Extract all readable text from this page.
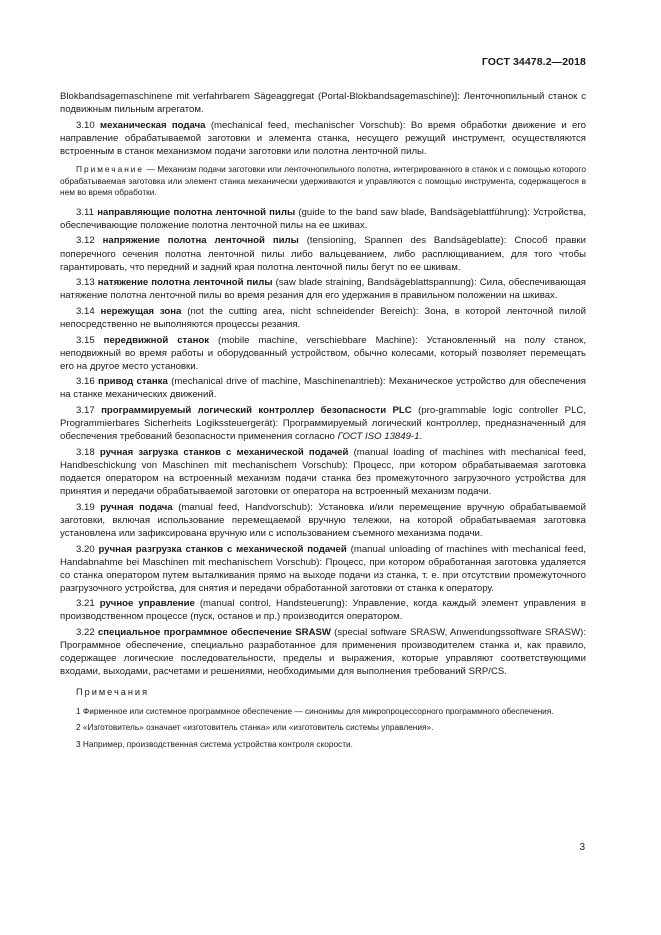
ГОСТ 34478.2—2018

Blokbandsagemaschinene mit verfahrbarem Sägeaggregat (Portal-Blokbandsagemaschine)]: Ленточнопильный станок с подвижным пильным агрегатом.

3.10 механическая подача (mechanical feed, mechanischer Vorschub): Во время обработки движение и его направление обрабатываемой заготовки и элемента станка, несущего режущий инструмент, осуществляются встроенным в станок механизмом подачи заготовки или полотна ленточной пилы.

Примечание — Механизм подачи заготовки или ленточнопильного полотна, интегрированного в станок и с помощью которого обрабатываемая заготовка или элемент станка механически удерживаются и управляются с помощью инструмента, содержащегося в нем во время обработки.

3.11 направляющие полотна ленточной пилы (guide to the band saw blade, Bandsägeblattführung): Устройства, обеспечивающие положение полотна ленточной пилы на ее шкивах.

3.12 напряжение полотна ленточной пилы (tensioning, Spannen des Bandsägeblatte): Способ правки поперечного сечения полотна ленточной пилы либо вальцеванием, либо расплющиванием, для того чтобы гарантировать, что передний и задний края полотна ленточной пилы бегут по ее шкивам.

3.13 натяжение полотна ленточной пилы (saw blade straining, Bandsägeblattspannung): Сила, обеспечивающая натяжение полотна ленточной пилы во время резания для его удержания в правильном положении на шкивах.

3.14 нережущая зона (not the cutting area, nicht schneidender Bereich): Зона, в которой ленточной пилой непосредственно не выполняются процессы резания.

3.15 передвижной станок (mobile machine, verschiebbare Machine): Установленный на полу станок, неподвижный во время работы и оборудованный устройством, обычно колесами, который позволяет перемещать его на другое место установки.

3.16 привод станка (mechanical drive of machine, Maschinenantrieb): Механическое устройство для обеспечения на станке механических движений.

3.17 программируемый логический контроллер безопасности PLC (pro-grammable logic controller PLC, Programmierbares Sicherheits Logikssteuergerät): Программируемый логический контроллер, предназначенный для обеспечения требований безопасности применения согласно ГОСТ ISO 13849-1.

3.18 ручная загрузка станков с механической подачей (manual loading of machines with mechanical feed, Handbeschickung von Maschinen mit mechanischem Vorschub): Процесс, при котором обрабатываемая заготовка подается оператором на встроенный механизм подачи станка без промежуточного загрузочного устройства для принятия и передачи обрабатываемой заготовки от оператора на встроенный механизм подачи.

3.19 ручная подача (manual feed, Handvorschub): Установка и/или перемещение вручную обрабатываемой заготовки, включая использование перемещаемой вручную тележки, на которой обрабатываемая заготовка установлена или зафиксирована вручную или с использованием съемного механизма подачи.

3.20 ручная разгрузка станков с механической подачей (manual unloading of machines with mechanical feed, Handabnahme bei Maschinen mit mechanischem Vorschub): Процесс, при котором обработанная заготовка удаляется со станка оператором путем выталкивания прямо на выходе подачи из станка, т. е. при отсутствии промежуточного разгрузочного устройства, для снятия и передачи обработанной заготовки от станка к оператору.

3.21 ручное управление (manual control, Handsteuerung): Управление, когда каждый элемент управления в производственном процессе (пуск, останов и пр.) производится оператором.

3.22 специальное программное обеспечение SRASW (special software SRASW, Anwendungssoftware SRASW): Программное обеспечение, специально разработанное для применения производителем станка и, как правило, содержащее логические последовательности, пределы и выражения, которые управляют соответствующими входами, выходами, расчетами и решениями, необходимыми для выполнения требований SRP/CS.

Примечания

1 Фирменное или системное программное обеспечение — синонимы для микропроцессорного программного обеспечения.

2 «Изготовитель» означает «изготовитель станка» или «изготовитель системы управления».

3 Например, производственная система устройства контроля скорости.

3
